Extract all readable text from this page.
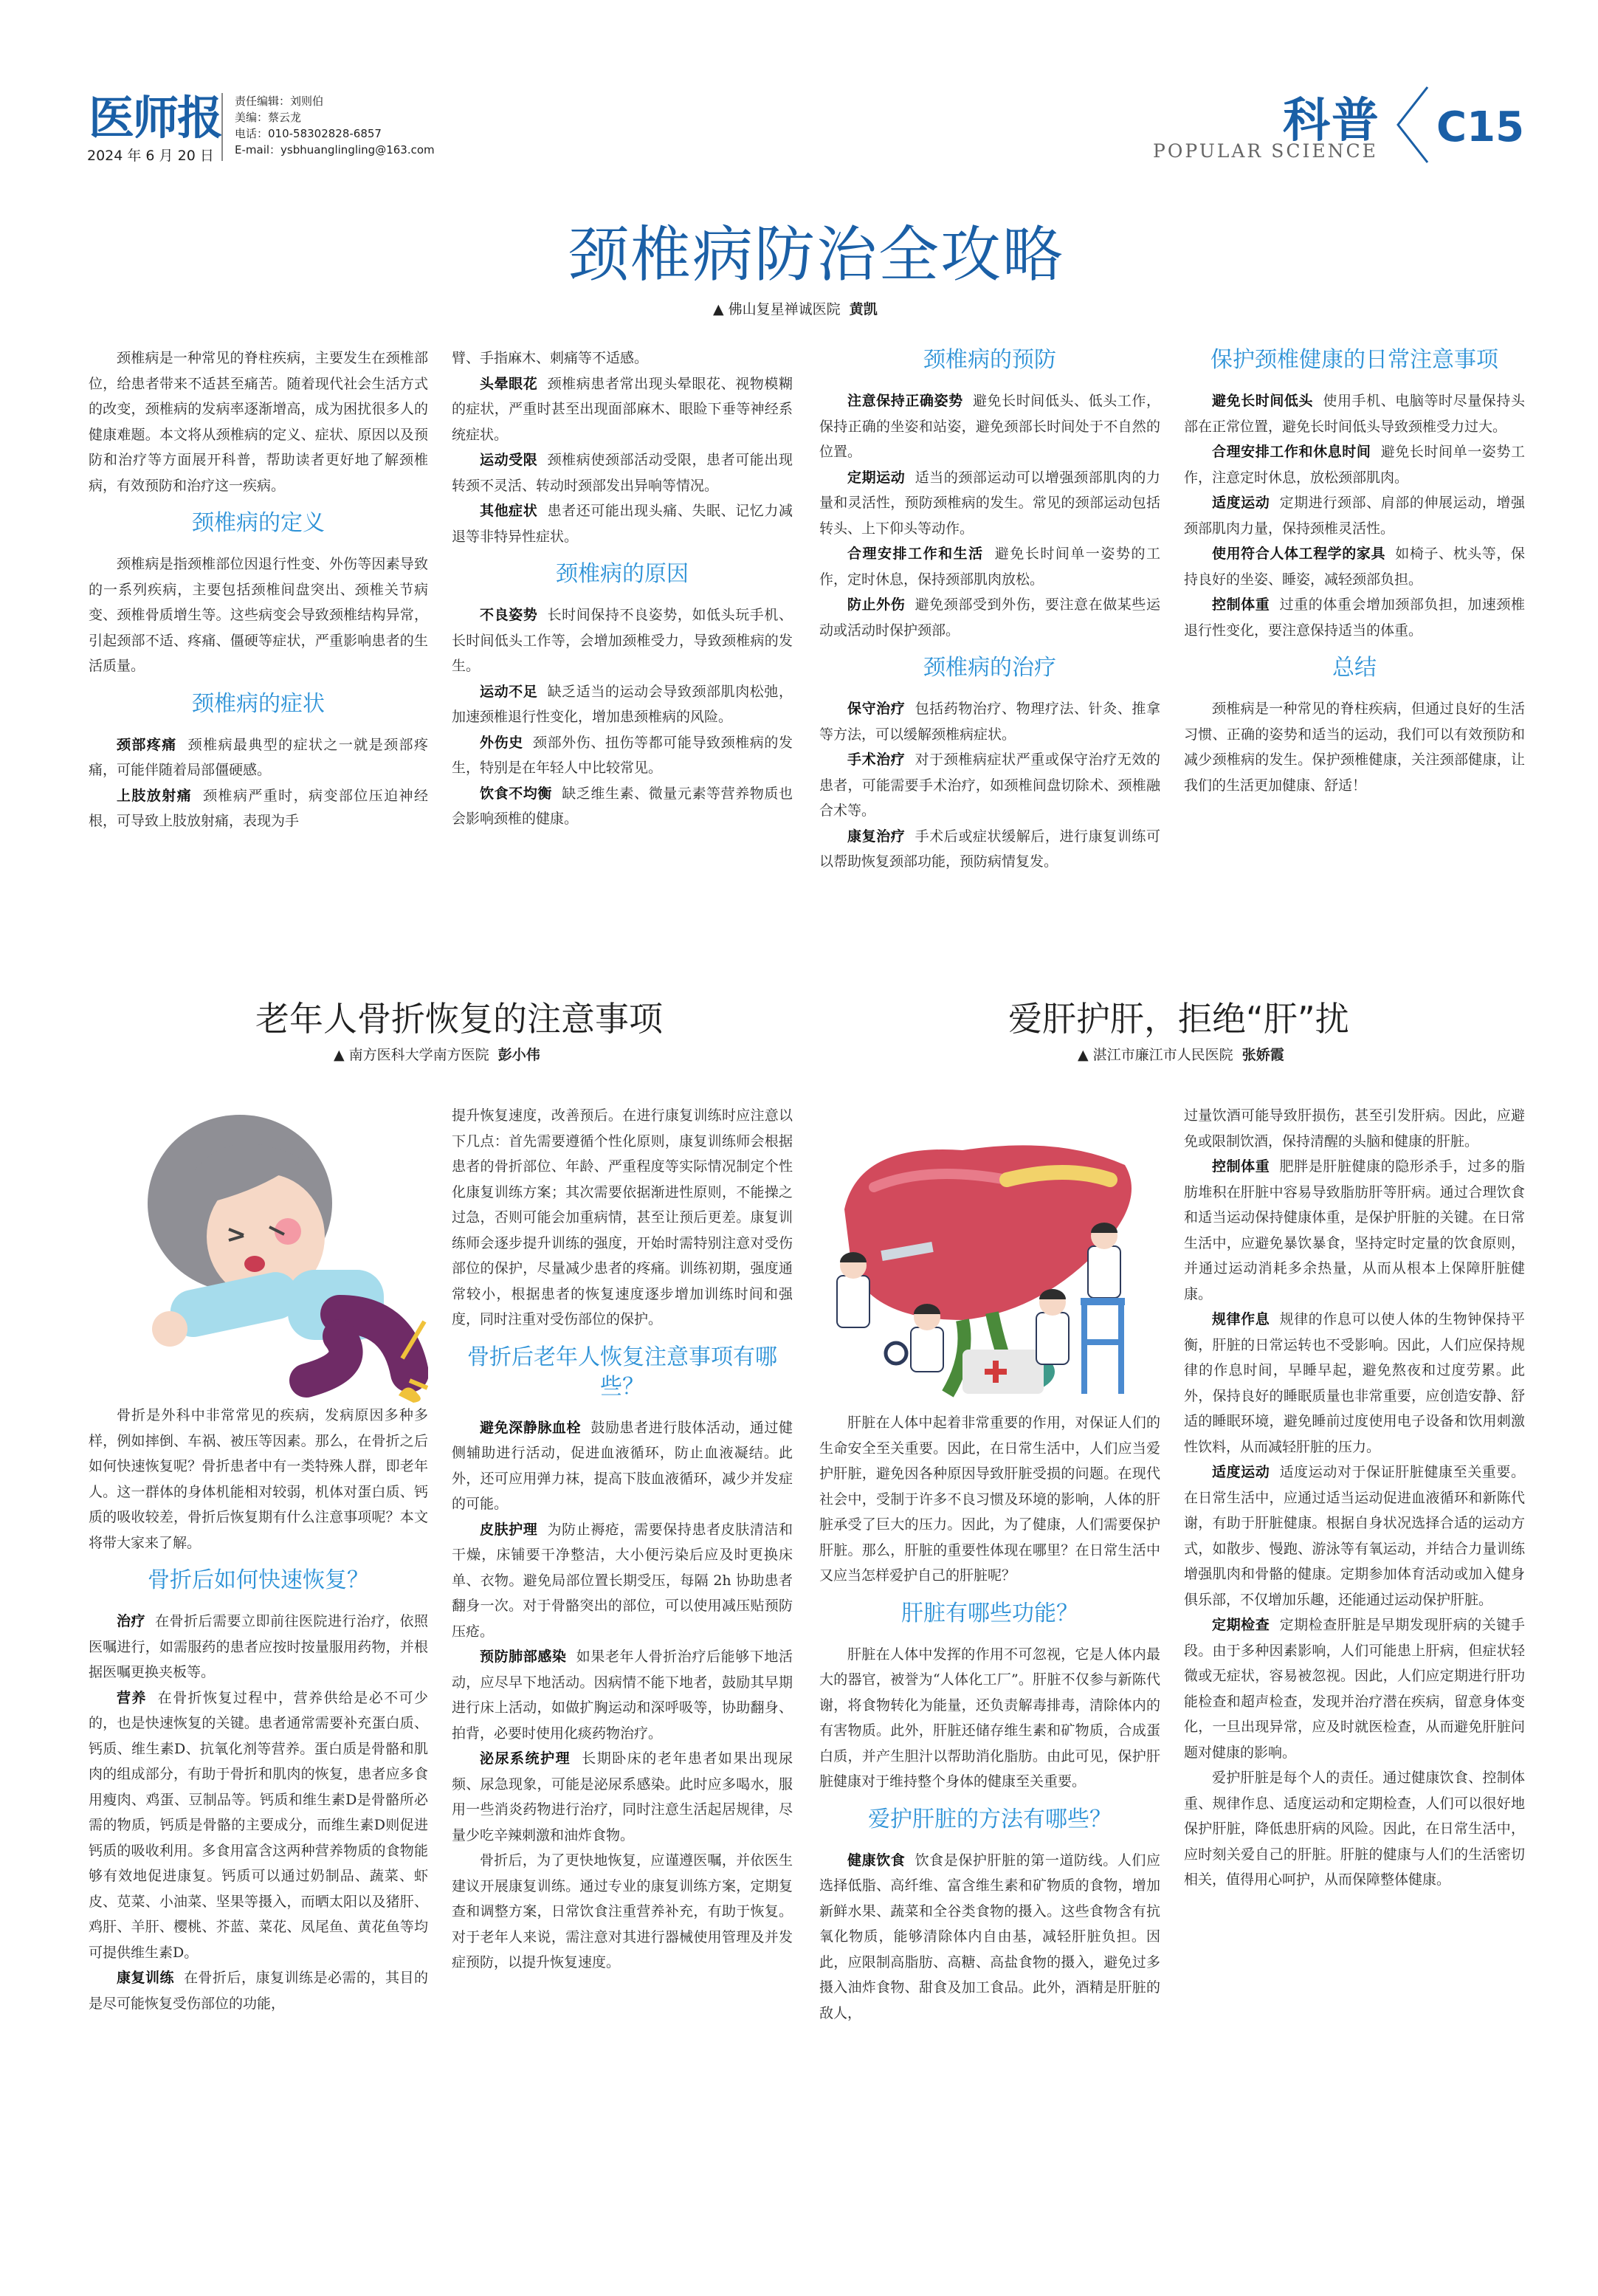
医师报
2024 年 6 月 20 日
责任编辑：刘则伯
美编：蔡云龙
电话：010-58302828-6857
E-mail：ysbhuanglingling@163.com
科普
POPULAR SCIENCE C15
颈椎病防治全攻略
▲ 佛山复星禅诚医院 黄凯

颈椎病是一种常见的脊柱疾病，主要发生在颈椎部位，给患者带来不适甚至痛苦。随着现代社会生活方式的改变，颈椎病的发病率逐渐增高，成为困扰很多人的健康难题。本文将从颈椎病的定义、症状、原因以及预防和治疗等方面展开科普，帮助读者更好地了解颈椎病，有效预防和治疗这一疾病。

颈椎病的定义

颈椎病是指颈椎部位因退行性变、外伤等因素导致的一系列疾病，主要包括颈椎间盘突出、颈椎关节病变、颈椎骨质增生等。这些病变会导致颈椎结构异常，引起颈部不适、疼痛、僵硬等症状，严重影响患者的生活质量。

颈椎病的症状

颈部疼痛 颈椎病最典型的症状之一就是颈部疼痛，可能伴随着局部僵硬感。

上肢放射痛 颈椎病严重时，病变部位压迫神经根，可导致上肢放射痛，表现为手

臂、手指麻木、刺痛等不适感。

头晕眼花 颈椎病患者常出现头晕眼花、视物模糊的症状，严重时甚至出现面部麻木、眼睑下垂等神经系统症状。

运动受限 颈椎病使颈部活动受限，患者可能出现转颈不灵活、转动时颈部发出异响等情况。

其他症状 患者还可能出现头痛、失眠、记忆力减退等非特异性症状。

颈椎病的原因

不良姿势 长时间保持不良姿势，如低头玩手机、长时间低头工作等，会增加颈椎受力，导致颈椎病的发生。

运动不足 缺乏适当的运动会导致颈部肌肉松弛，加速颈椎退行性变化，增加患颈椎病的风险。

外伤史 颈部外伤、扭伤等都可能导致颈椎病的发生，特别是在年轻人中比较常见。

饮食不均衡 缺乏维生素、微量元素等营养物质也会影响颈椎的健康。

颈椎病的预防

注意保持正确姿势 避免长时间低头、低头工作，保持正确的坐姿和站姿，避免颈部长时间处于不自然的位置。

定期运动 适当的颈部运动可以增强颈部肌肉的力量和灵活性，预防颈椎病的发生。常见的颈部运动包括转头、上下仰头等动作。

合理安排工作和生活 避免长时间单一姿势的工作，定时休息，保持颈部肌肉放松。

防止外伤 避免颈部受到外伤，要注意在做某些运动或活动时保护颈部。

颈椎病的治疗

保守治疗 包括药物治疗、物理疗法、针灸、推拿等方法，可以缓解颈椎病症状。

手术治疗 对于颈椎病症状严重或保守治疗无效的患者，可能需要手术治疗，如颈椎间盘切除术、颈椎融合术等。

康复治疗 手术后或症状缓解后，进行康复训练可以帮助恢复颈部功能，预防病情复发。

保护颈椎健康的日常注意事项

避免长时间低头 使用手机、电脑等时尽量保持头部在正常位置，避免长时间低头导致颈椎受力过大。

合理安排工作和休息时间 避免长时间单一姿势工作，注意定时休息，放松颈部肌肉。

适度运动 定期进行颈部、肩部的伸展运动，增强颈部肌肉力量，保持颈椎灵活性。

使用符合人体工程学的家具 如椅子、枕头等，保持良好的坐姿、睡姿，减轻颈部负担。

控制体重 过重的体重会增加颈部负担，加速颈椎退行性变化，要注意保持适当的体重。

总结

颈椎病是一种常见的脊柱疾病，但通过良好的生活习惯、正确的姿势和适当的运动，我们可以有效预防和减少颈椎病的发生。保护颈椎健康，关注颈部健康，让我们的生活更加健康、舒适！

老年人骨折恢复的注意事项
▲ 南方医科大学南方医院 彭小伟

骨折是外科中非常常见的疾病，发病原因多种多样，例如摔倒、车祸、被压等因素。那么，在骨折之后如何快速恢复呢？骨折患者中有一类特殊人群，即老年人。这一群体的身体机能相对较弱，机体对蛋白质、钙质的吸收较差，骨折后恢复期有什么注意事项呢？本文将带大家来了解。

骨折后如何快速恢复？

治疗 在骨折后需要立即前往医院进行治疗，依照医嘱进行，如需服药的患者应按时按量服用药物，并根据医嘱更换夹板等。

营养 在骨折恢复过程中，营养供给是必不可少的，也是快速恢复的关键。患者通常需要补充蛋白质、钙质、维生素D、抗氧化剂等营养。蛋白质是骨骼和肌肉的组成部分，有助于骨折和肌肉的恢复，患者应多食用瘦肉、鸡蛋、豆制品等。钙质和维生素D是骨骼所必需的物质，钙质是骨骼的主要成分，而维生素D则促进钙质的吸收利用。多食用富含这两种营养物质的食物能够有效地促进康复。钙质可以通过奶制品、蔬菜、虾皮、苋菜、小油菜、坚果等摄入，而晒太阳以及猪肝、鸡肝、羊肝、樱桃、芥蓝、菜花、凤尾鱼、黄花鱼等均可提供维生素D。

康复训练 在骨折后，康复训练是必需的，其目的是尽可能恢复受伤部位的功能，

提升恢复速度，改善预后。在进行康复训练时应注意以下几点：首先需要遵循个性化原则，康复训练师会根据患者的骨折部位、年龄、严重程度等实际情况制定个性化康复训练方案；其次需要依据渐进性原则，不能操之过急，否则可能会加重病情，甚至让预后更差。康复训练师会逐步提升训练的强度，开始时需特别注意对受伤部位的保护，尽量减少患者的疼痛。训练初期，强度通常较小，根据患者的恢复速度逐步增加训练时间和强度，同时注重对受伤部位的保护。

骨折后老年人恢复注意事项有哪些？

避免深静脉血栓 鼓励患者进行肢体活动，通过健侧辅助进行活动，促进血液循环，防止血液凝结。此外，还可应用弹力袜，提高下肢血液循环，减少并发症的可能。

皮肤护理 为防止褥疮，需要保持患者皮肤清洁和干燥，床铺要干净整洁，大小便污染后应及时更换床单、衣物。避免局部位置长期受压，每隔 2h 协助患者翻身一次。对于骨骼突出的部位，可以使用减压贴预防压疮。

预防肺部感染 如果老年人骨折治疗后能够下地活动，应尽早下地活动。因病情不能下地者，鼓励其早期进行床上活动，如做扩胸运动和深呼吸等，协助翻身、拍背，必要时使用化痰药物治疗。

泌尿系统护理 长期卧床的老年患者如果出现尿频、尿急现象，可能是泌尿系感染。此时应多喝水，服用一些消炎药物进行治疗，同时注意生活起居规律，尽量少吃辛辣刺激和油炸食物。

骨折后，为了更快地恢复，应谨遵医嘱，并依医生建议开展康复训练。通过专业的康复训练方案，定期复查和调整方案，日常饮食注重营养补充，有助于恢复。对于老年人来说，需注意对其进行器械使用管理及并发症预防，以提升恢复速度。

爱肝护肝，拒绝“肝”扰
▲ 湛江市廉江市人民医院 张娇霞

肝脏在人体中起着非常重要的作用，对保证人们的生命安全至关重要。因此，在日常生活中，人们应当爱护肝脏，避免因各种原因导致肝脏受损的问题。在现代社会中，受制于许多不良习惯及环境的影响，人体的肝脏承受了巨大的压力。因此，为了健康，人们需要保护肝脏。那么，肝脏的重要性体现在哪里？在日常生活中又应当怎样爱护自己的肝脏呢？

肝脏有哪些功能？

肝脏在人体中发挥的作用不可忽视，它是人体内最大的器官，被誉为“人体化工厂”。肝脏不仅参与新陈代谢，将食物转化为能量，还负责解毒排毒，清除体内的有害物质。此外，肝脏还储存维生素和矿物质，合成蛋白质，并产生胆汁以帮助消化脂肪。由此可见，保护肝脏健康对于维持整个身体的健康至关重要。

爱护肝脏的方法有哪些？

健康饮食 饮食是保护肝脏的第一道防线。人们应选择低脂、高纤维、富含维生素和矿物质的食物，增加新鲜水果、蔬菜和全谷类食物的摄入。这些食物含有抗氧化物质，能够清除体内自由基，减轻肝脏负担。因此，应限制高脂肪、高糖、高盐食物的摄入，避免过多摄入油炸食物、甜食及加工食品。此外，酒精是肝脏的敌人，

过量饮酒可能导致肝损伤，甚至引发肝病。因此，应避免或限制饮酒，保持清醒的头脑和健康的肝脏。

控制体重 肥胖是肝脏健康的隐形杀手，过多的脂肪堆积在肝脏中容易导致脂肪肝等肝病。通过合理饮食和适当运动保持健康体重，是保护肝脏的关键。在日常生活中，应避免暴饮暴食，坚持定时定量的饮食原则，并通过运动消耗多余热量，从而从根本上保障肝脏健康。

规律作息 规律的作息可以使人体的生物钟保持平衡，肝脏的日常运转也不受影响。因此，人们应保持规律的作息时间，早睡早起，避免熬夜和过度劳累。此外，保持良好的睡眠质量也非常重要，应创造安静、舒适的睡眠环境，避免睡前过度使用电子设备和饮用刺激性饮料，从而减轻肝脏的压力。

适度运动 适度运动对于保证肝脏健康至关重要。在日常生活中，应通过适当运动促进血液循环和新陈代谢，有助于肝脏健康。根据自身状况选择合适的运动方式，如散步、慢跑、游泳等有氧运动，并结合力量训练增强肌肉和骨骼的健康。定期参加体育活动或加入健身俱乐部，不仅增加乐趣，还能通过运动保护肝脏。

定期检查 定期检查肝脏是早期发现肝病的关键手段。由于多种因素影响，人们可能患上肝病，但症状轻微或无症状，容易被忽视。因此，人们应定期进行肝功能检查和超声检查，发现并治疗潜在疾病，留意身体变化，一旦出现异常，应及时就医检查，从而避免肝脏问题对健康的影响。

爱护肝脏是每个人的责任。通过健康饮食、控制体重、规律作息、适度运动和定期检查，人们可以很好地保护肝脏，降低患肝病的风险。因此，在日常生活中，应时刻关爱自己的肝脏。肝脏的健康与人们的生活密切相关，值得用心呵护，从而保障整体健康。
